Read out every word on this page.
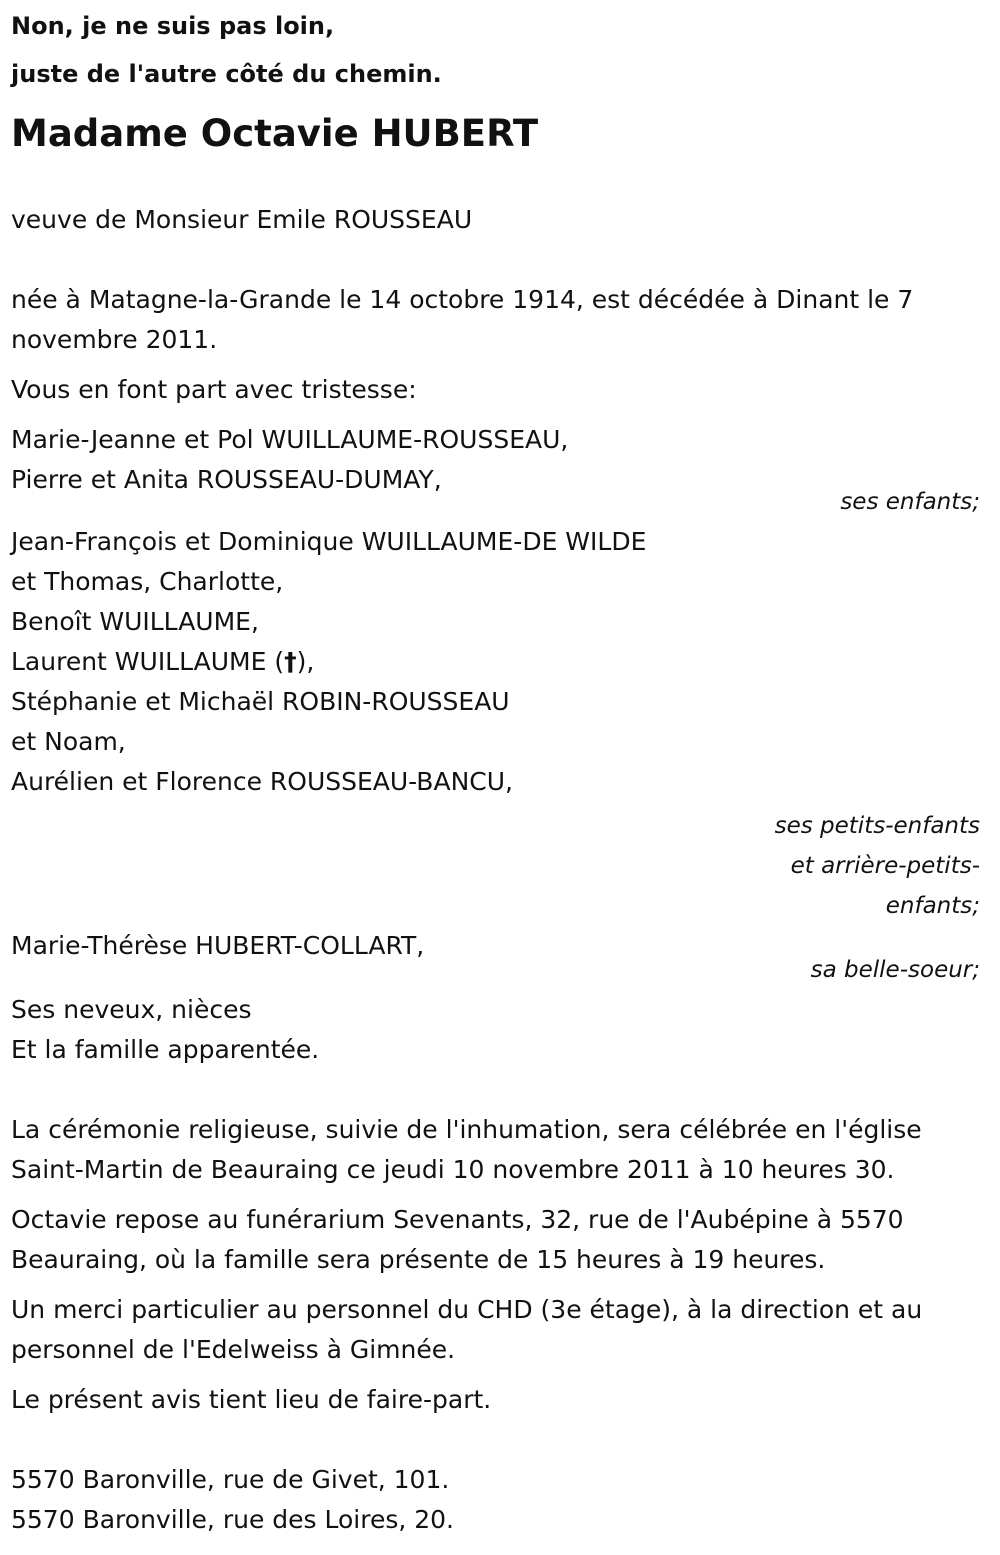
Non, je ne suis pas loin,
juste de l'autre côté du chemin.
Madame Octavie HUBERT
veuve de Monsieur Emile ROUSSEAU
née à Matagne-la-Grande le 14 octobre 1914, est décédée à Dinant le 7 novembre 2011.
Vous en font part avec tristesse:
Marie-Jeanne et Pol WUILLAUME-ROUSSEAU,
Pierre et Anita ROUSSEAU-DUMAY,
ses enfants;
Jean-François et Dominique WUILLAUME-DE WILDE
et Thomas, Charlotte,
Benoît WUILLAUME,
Laurent WUILLAUME (†),
Stéphanie et Michaël ROBIN-ROUSSEAU
et Noam,
Aurélien et Florence ROUSSEAU-BANCU,
ses petits-enfants et arrière-petits-enfants;
Marie-Thérèse HUBERT-COLLART,
sa belle-soeur;
Ses neveux, nièces
Et la famille apparentée.
La cérémonie religieuse, suivie de l'inhumation, sera célébrée en l'église Saint-Martin de Beauraing ce jeudi 10 novembre 2011 à 10 heures 30.
Octavie repose au funérarium Sevenants, 32, rue de l'Aubépine à 5570 Beauraing, où la famille sera présente de 15 heures à 19 heures.
Un merci particulier au personnel du CHD (3e étage), à la direction et au personnel de l'Edelweiss à Gimnée.
Le présent avis tient lieu de faire-part.
5570 Baronville, rue de Givet, 101.
5570 Baronville, rue des Loires, 20.
